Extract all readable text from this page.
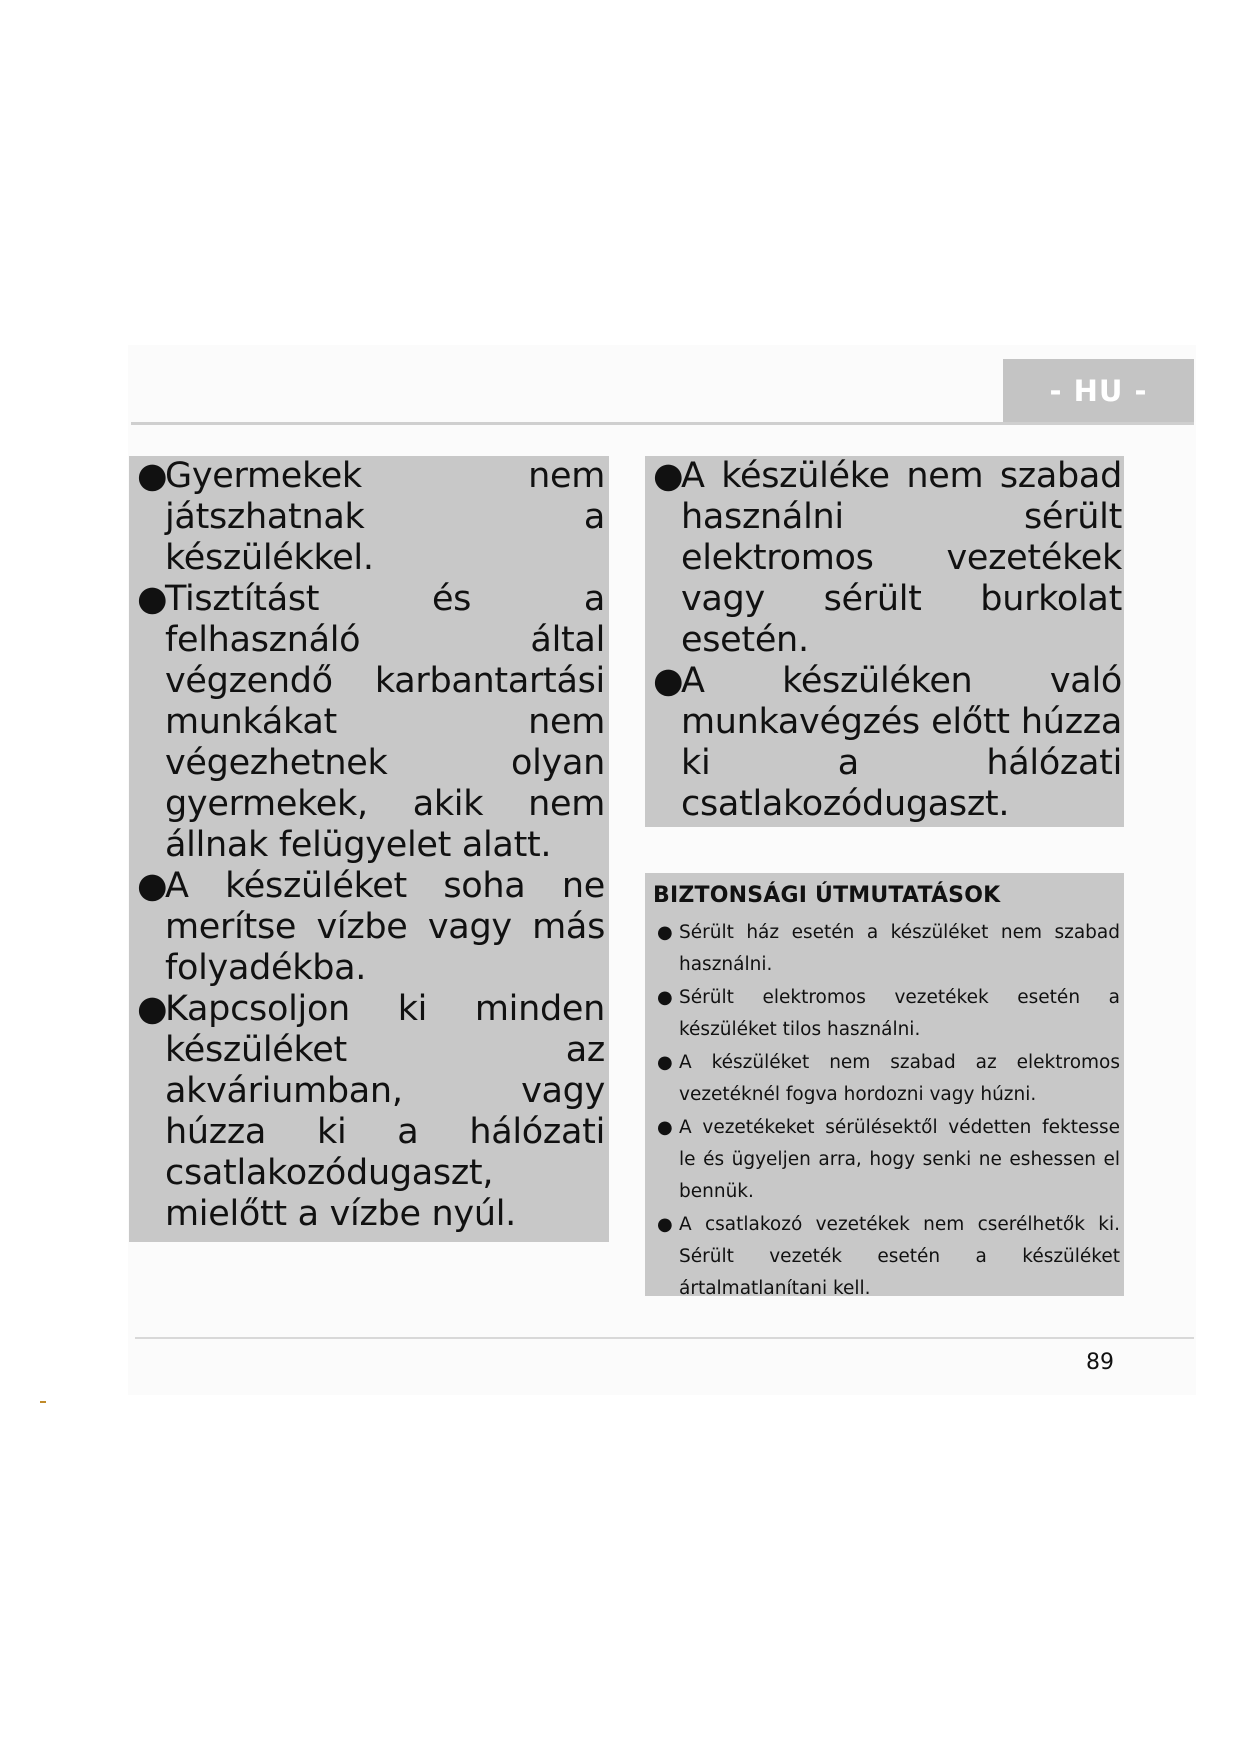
- HU -
●
Gyermekek nem játszhatnak a készülékkel.
●
Tisztítást és a felhasználó által végzendő karbantartási munkákat nem végezhetnek olyan gyermekek, akik nem állnak felügyelet alatt.
●
A készüléket soha ne merítse vízbe vagy más folyadékba.
●
Kapcsoljon ki minden készüléket az akváriumban, vagy húzza ki a hálózati csatlakozódugaszt, mielőtt a vízbe nyúl.
●
A készüléke nem szabad használni sérült elektromos vezetékek vagy sérült burkolat esetén.
●
A készüléken való munkavégzés előtt húzza ki a hálózati csatlakozódugaszt.
BIZTONSÁGI ÚTMUTATÁSOK
● Sérült ház esetén a készüléket nem szabad használni.
● Sérült elektromos vezetékek esetén a készüléket tilos használni.
● A készüléket nem szabad az elektromos vezetéknél fogva hordozni vagy húzni.
● A vezetékeket sérülésektől védetten fektesse le és ügyeljen arra, hogy senki ne eshessen el bennük.
● A csatlakozó vezetékek nem cserélhetők ki. Sérült vezeték esetén a készüléket ártalmatlanítani kell.
89
